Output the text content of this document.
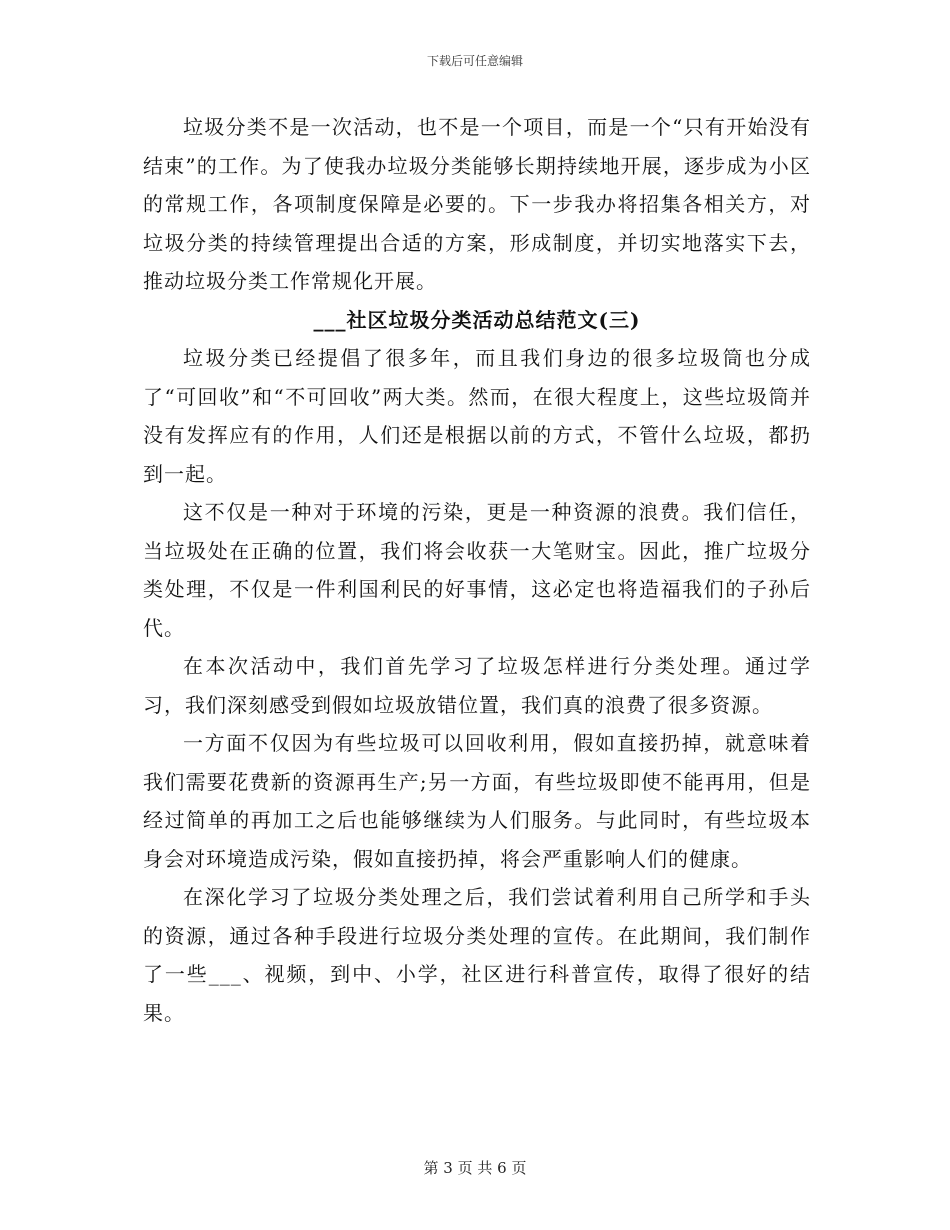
下载后可任意编辑

垃圾分类不是一次活动，也不是一个项目，而是一个“只有开始没有结束”的工作。为了使我办垃圾分类能够长期持续地开展，逐步成为小区的常规工作，各项制度保障是必要的。下一步我办将招集各相关方，对垃圾分类的持续管理提出合适的方案，形成制度，并切实地落实下去，推动垃圾分类工作常规化开展。

___社区垃圾分类活动总结范文(三)

垃圾分类已经提倡了很多年，而且我们身边的很多垃圾筒也分成了“可回收”和“不可回收”两大类。然而，在很大程度上，这些垃圾筒并没有发挥应有的作用，人们还是根据以前的方式，不管什么垃圾，都扔到一起。

这不仅是一种对于环境的污染，更是一种资源的浪费。我们信任，当垃圾处在正确的位置，我们将会收获一大笔财宝。因此，推广垃圾分类处理，不仅是一件利国利民的好事情，这必定也将造福我们的子孙后代。

在本次活动中，我们首先学习了垃圾怎样进行分类处理。通过学习，我们深刻感受到假如垃圾放错位置，我们真的浪费了很多资源。

一方面不仅因为有些垃圾可以回收利用，假如直接扔掉，就意味着我们需要花费新的资源再生产;另一方面，有些垃圾即使不能再用，但是经过简单的再加工之后也能够继续为人们服务。与此同时，有些垃圾本身会对环境造成污染，假如直接扔掉，将会严重影响人们的健康。

在深化学习了垃圾分类处理之后，我们尝试着利用自己所学和手头的资源，通过各种手段进行垃圾分类处理的宣传。在此期间，我们制作了一些___、视频，到中、小学，社区进行科普宣传，取得了很好的结果。

第 3 页 共 6 页
